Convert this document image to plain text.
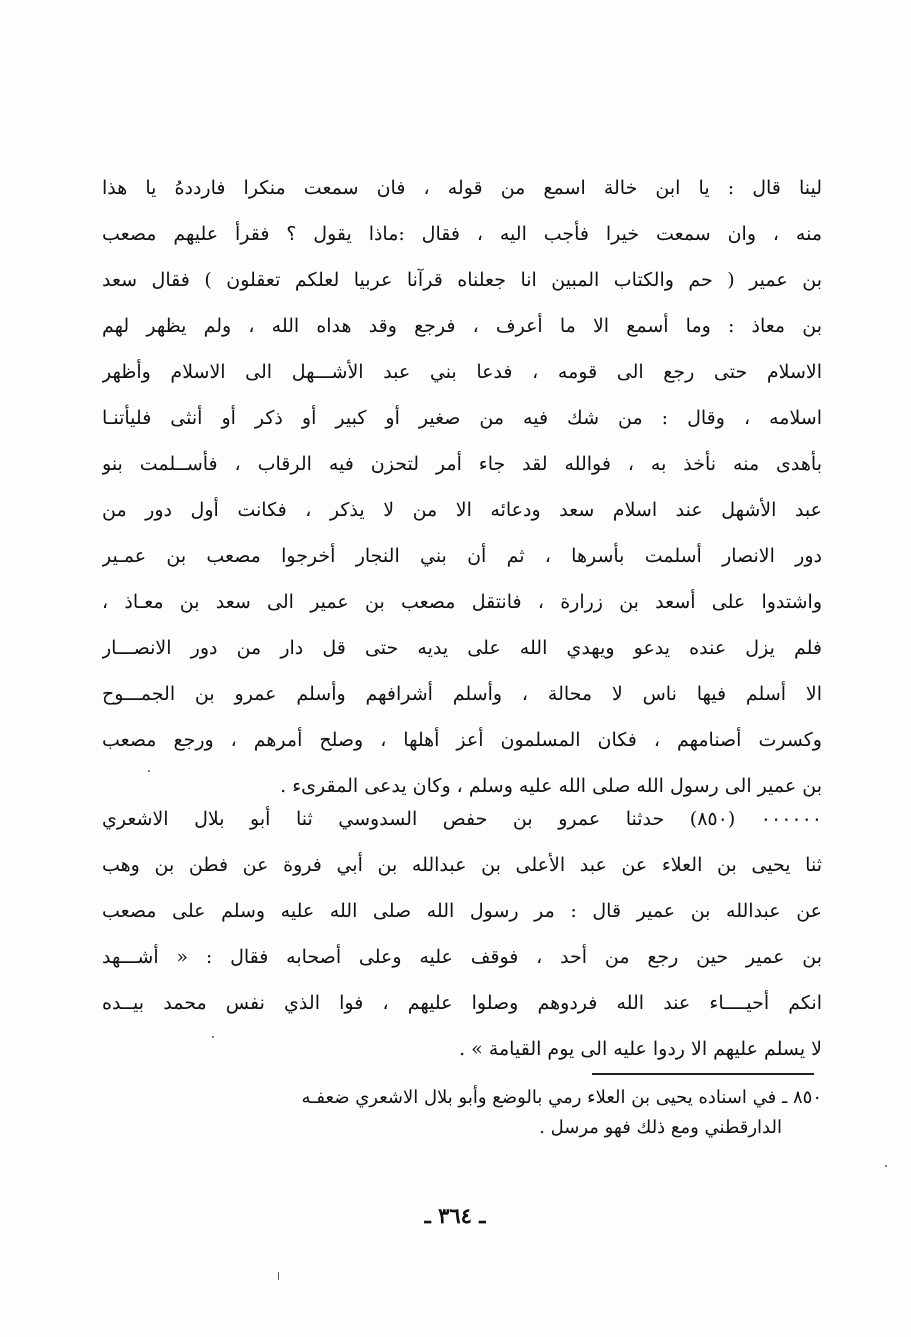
لينا قال : يا ابن خالة اسمع من قوله ، فان سمعت منكرا فارددهُ يا هذا
منه ، وان سمعت خيرا فأجب اليه ، فقال :ماذا يقول ؟ فقرأ عليهم مصعب
بن عمير ( حم والكتاب المبين انا جعلناه قرآنا عربيا لعلكم تعقلون ) فقال سعد
بن معاذ : وما أسمع الا ما أعرف ، فرجع وقد هداه الله ، ولم يظهر لهم
الاسلام حتى رجع الى قومه ، فدعا بني عبد الأشـــهل الى الاسلام وأظهر
اسلامه ، وقال : من شك فيه من صغير أو كبير أو ذكر أو أنثى فليأتنـا
بأهدى منه نأخذ به ، فوالله لقد جاء أمر لتحزن فيه الرقاب ، فأســلمت بنو
عبد الأشهل عند اسلام سعد ودعائه الا من لا يذكر ، فكانت أول دور من
دور الانصار أسلمت بأسرها ، ثم أن بني النجار أخرجوا مصعب بن عمـير
واشتدوا على أسعد بن زرارة ، فانتقل مصعب بن عمير الى سعد بن معـاذ ،
فلم يزل عنده يدعو ويهدي الله على يديه حتى قل دار من دور الانصـــار
الا أسلم فيها ناس لا محالة ، وأسلم أشرافهم وأسلم عمرو بن الجمـــوح
وكسرت أصنامهم ، فكان المسلمون أعز أهلها ، وصلح أمرهم ، ورجع مصعب
بن عمير الى رسول الله صلى الله عليه وسلم ، وكان يدعى المقرىء .
٠٠٠٠٠٠ (٨٥٠) حدثنا عمرو بن حفص السدوسي ثنا أبو بلال الاشعري
ثنا يحيى بن العلاء عن عبد الأعلى بن عبدالله بن أبي فروة عن فطن بن وهب
عن عبدالله بن عمير قال : مر رسول الله صلى الله عليه وسلم على مصعب
بن عمير حين رجع من أحد ، فوقف عليه وعلى أصحابه فقال : « أشـــهد
انكم أحيــــاء عند الله فردوهم وصلوا عليهم ، فوا الذي نفس محمد بيــده
لا يسلم عليهم الا ردوا عليه الى يوم القيامة » .
٨٥٠ ـ في اسناده يحيى بن العلاء رمي بالوضع وأبو بلال الاشعري ضعفـه
الدارقطني ومع ذلك فهو مرسل .
ـ ٣٦٤ ـ
